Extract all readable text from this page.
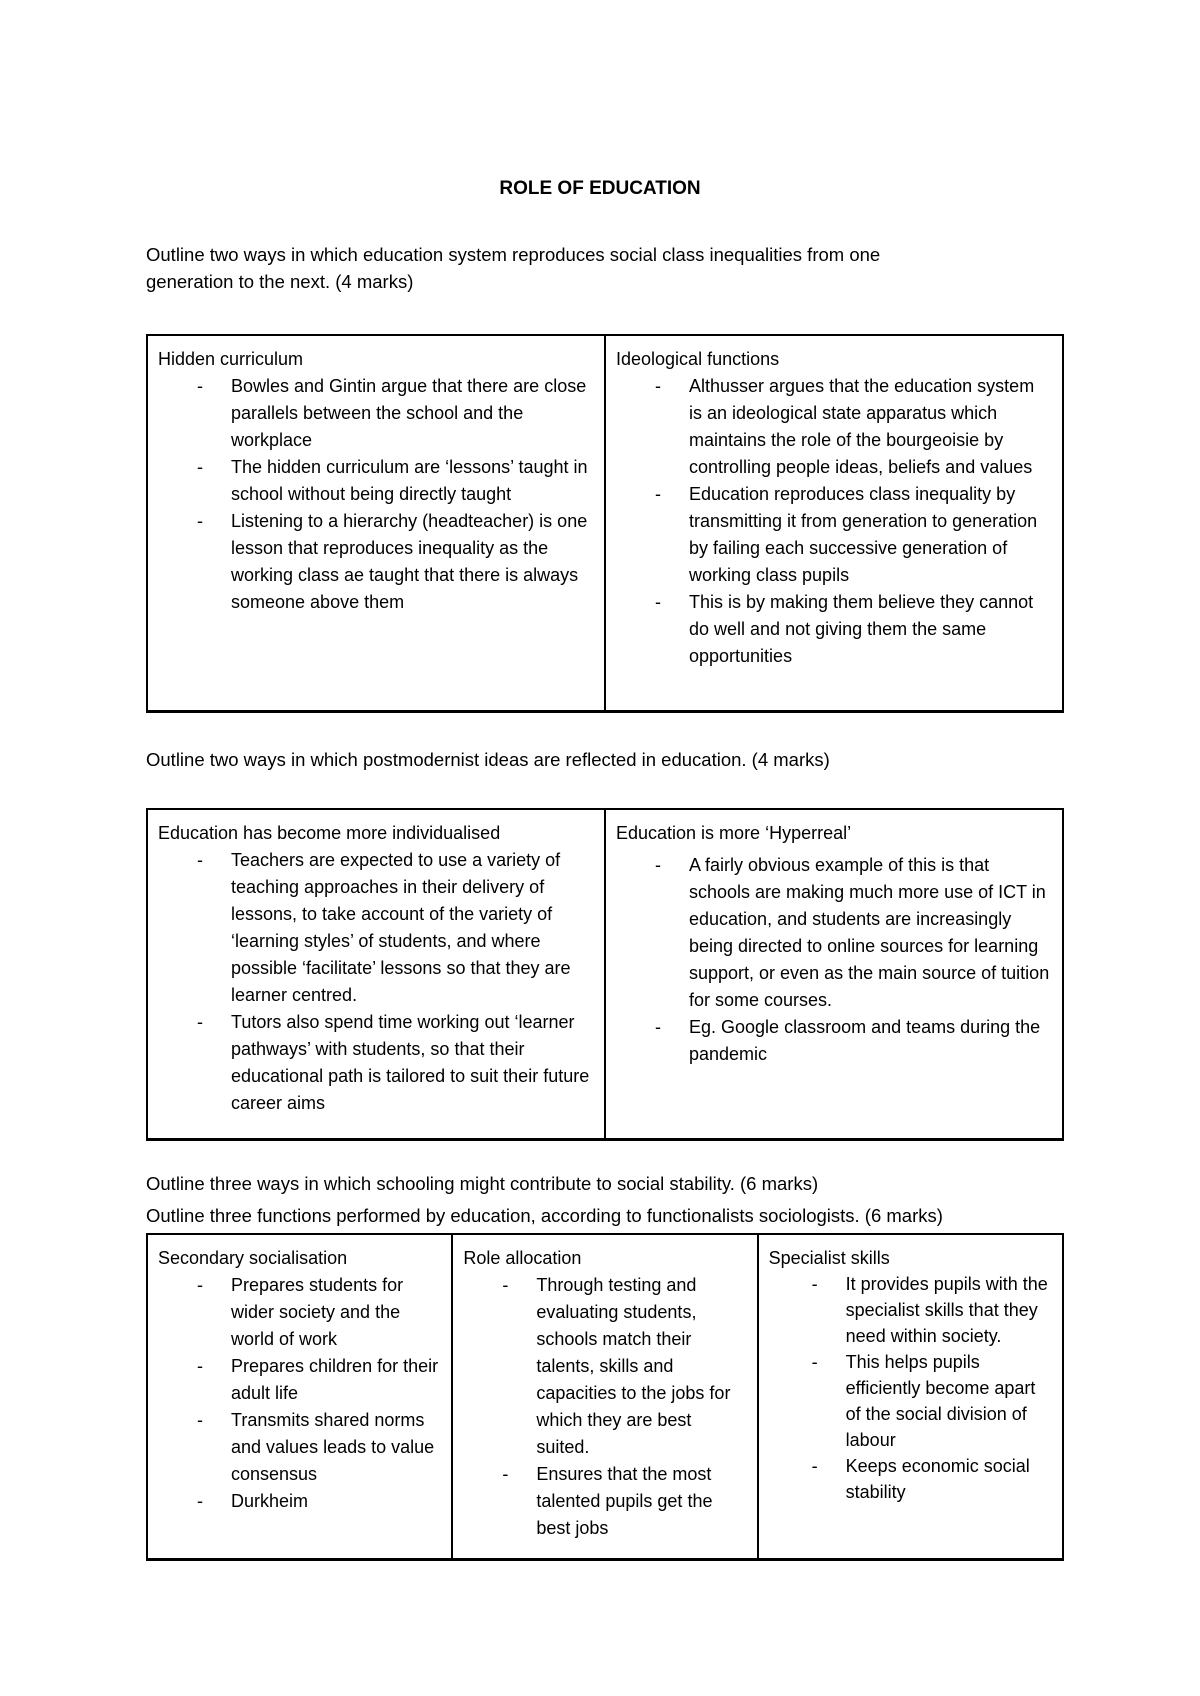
ROLE OF EDUCATION
Outline two ways in which education system reproduces social class inequalities from one generation to the next. (4 marks)
Hidden curriculum
- Bowles and Gintin argue that there are close parallels between the school and the workplace
- The hidden curriculum are ‘lessons’ taught in school without being directly taught
- Listening to a hierarchy (headteacher) is one lesson that reproduces inequality as the working class ae taught that there is always someone above them

Ideological functions
- Althusser argues that the education system is an ideological state apparatus which maintains the role of the bourgeoisie by controlling people ideas, beliefs and values
- Education reproduces class inequality by transmitting it from generation to generation by failing each successive generation of working class pupils
- This is by making them believe they cannot do well and not giving them the same opportunities
Outline two ways in which postmodernist ideas are reflected in education. (4 marks)
Education has become more individualised
- Teachers are expected to use a variety of teaching approaches in their delivery of lessons, to take account of the variety of ‘learning styles’ of students, and where possible ‘facilitate’ lessons so that they are learner centred.
- Tutors also spend time working out ‘learner pathways’ with students, so that their educational path is tailored to suit their future career aims

Education is more ‘Hyperreal’
- A fairly obvious example of this is that schools are making much more use of ICT in education, and students are increasingly being directed to online sources for learning support, or even as the main source of tuition for some courses.
- Eg. Google classroom and teams during the pandemic
Outline three ways in which schooling might contribute to social stability. (6 marks)
Outline three functions performed by education, according to functionalists sociologists. (6 marks)
Secondary socialisation
- Prepares students for wider society and the world of work
- Prepares children for their adult life
- Transmits shared norms and values leads to value consensus
- Durkheim

Role allocation
- Through testing and evaluating students, schools match their talents, skills and capacities to the jobs for which they are best suited.
- Ensures that the most talented pupils get the best jobs

Specialist skills
- It provides pupils with the specialist skills that they need within society.
- This helps pupils efficiently become apart of the social division of labour
- Keeps economic social stability
